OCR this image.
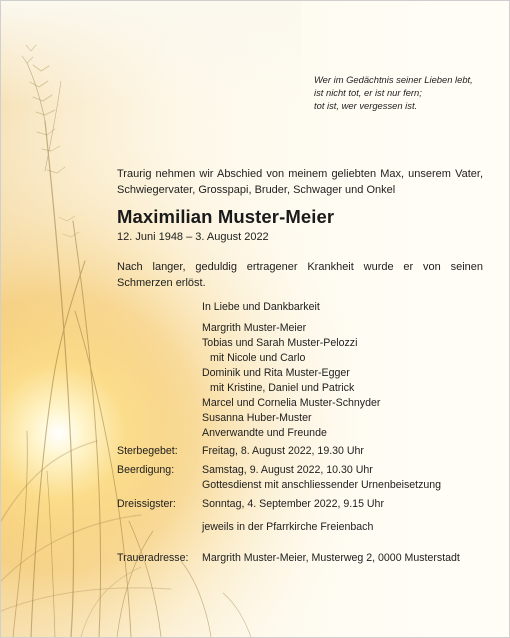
Wer im Gedächtnis seiner Lieben lebt,
ist nicht tot, er ist nur fern;
tot ist, wer vergessen ist.
Traurig nehmen wir Abschied von meinem geliebten Max, unserem Vater, Schwiegervater, Grosspapi, Bruder, Schwager und Onkel
Maximilian Muster-Meier
12. Juni 1948 – 3. August 2022
Nach langer, geduldig ertragener Krankheit wurde er von seinen Schmerzen erlöst.
In Liebe und Dankbarkeit
Margrith Muster-Meier
Tobias und Sarah Muster-Pelozzi
mit Nicole und Carlo
Dominik und Rita Muster-Egger
mit Kristine, Daniel und Patrick
Marcel und Cornelia Muster-Schnyder
Susanna Huber-Muster
Anverwandte und Freunde
Sterbegebet: Freitag, 8. August 2022, 19.30 Uhr
Beerdigung:	Samstag, 9. August 2022, 10.30 Uhr
Gottesdienst mit anschliessender Urnenbeisetzung
Dreissigster: Sonntag, 4. September 2022, 9.15 Uhr
jeweils in der Pfarrkirche Freienbach
Traueradresse: Margrith Muster-Meier, Musterweg 2, 0000 Musterstadt
